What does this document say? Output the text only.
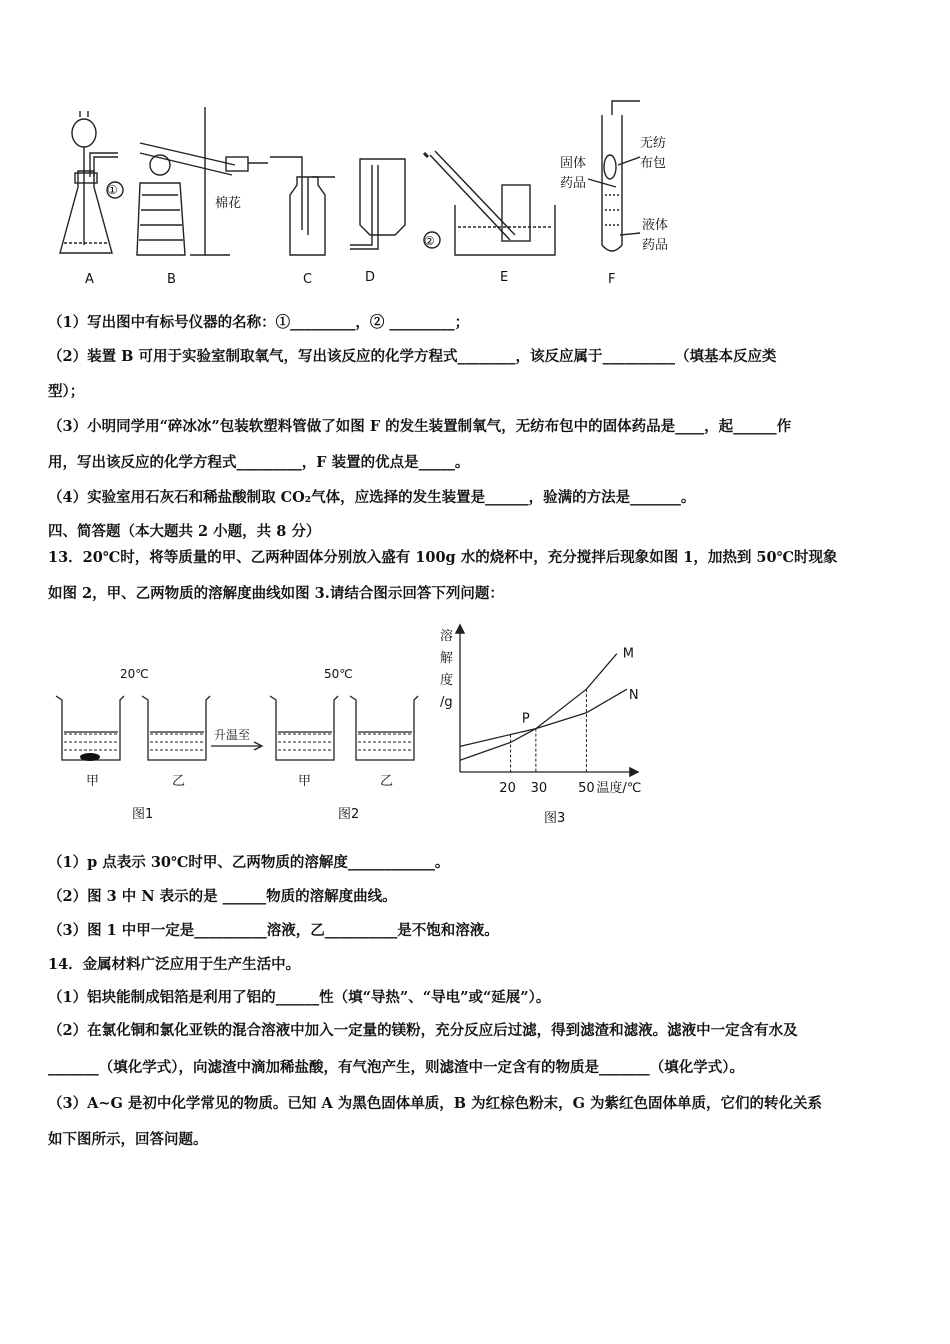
①
②
棉花
无纺
布包
固体
药品
液体
药品
A	B	C	D	E	F
（1）写出图中有标号仪器的名称：①_________，② _________；
（2）装置 B 可用于实验室制取氧气，写出该反应的化学方程式________，该反应属于__________（填基本反应类
型）；
（3）小明同学用“碎冰冰”包装软塑料管做了如图 F 的发生装置制氧气，无纺布包中的固体药品是____，起______作
用，写出该反应的化学方程式_________，F 装置的优点是_____。
（4）实验室用石灰石和稀盐酸制取 CO₂气体，应选择的发生装置是______，验满的方法是_______。
四、简答题（本大题共 2 小题，共 8 分）
13．20℃时，将等质量的甲、乙两种固体分别放入盛有 100g 水的烧杯中，充分搅拌后现象如图 1，加热到 50℃时现象
如图 2，甲、乙两物质的溶解度曲线如图 3.请结合图示回答下列问题：
20℃	50℃
升温至
甲	乙	甲	乙
图1	图2
溶
解
度
/g
20 30 50 温度/℃
M
N
P
图3
（1）p 点表示 30℃时甲、乙两物质的溶解度____________。
（2）图 3 中 N 表示的是 ______物质的溶解度曲线。
（3）图 1 中甲一定是__________溶液，乙__________是不饱和溶液。
14．金属材料广泛应用于生产生活中。
（1）铝块能制成铝箔是利用了铝的______性（填“导热”、“导电”或“延展”）。
（2）在氯化铜和氯化亚铁的混合溶液中加入一定量的镁粉，充分反应后过滤，得到滤渣和滤液。滤液中一定含有水及
_______（填化学式），向滤渣中滴加稀盐酸，有气泡产生，则滤渣中一定含有的物质是_______（填化学式）。
（3）A~G 是初中化学常见的物质。已知 A 为黑色固体单质，B 为红棕色粉末，G 为紫红色固体单质，它们的转化关系
如下图所示，回答问题。
